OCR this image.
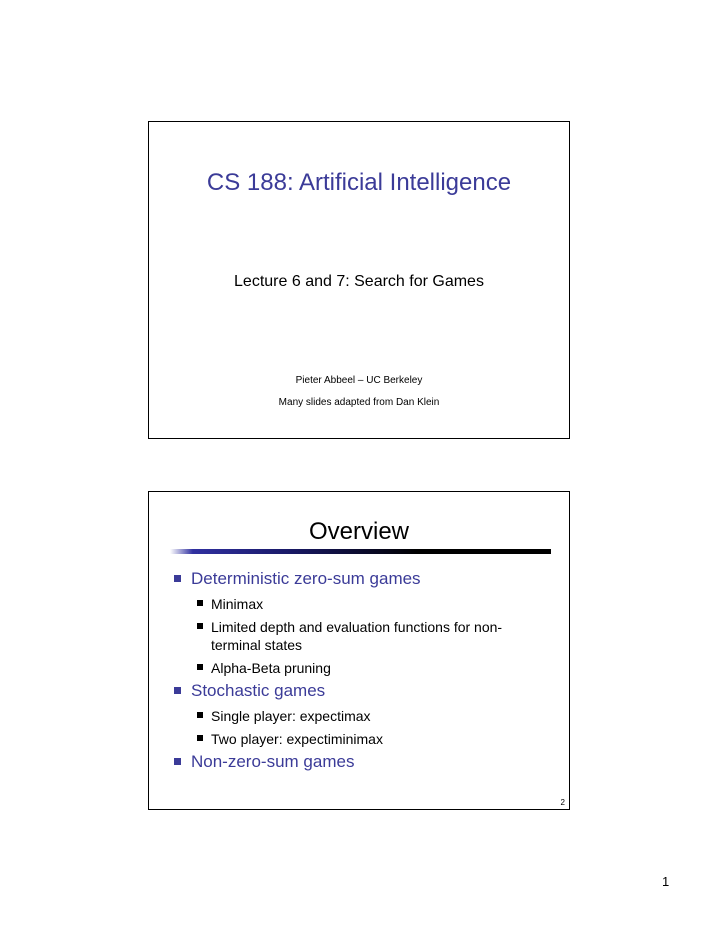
CS 188: Artificial Intelligence
Lecture 6 and 7: Search for Games
Pieter Abbeel – UC Berkeley
Many slides adapted from Dan Klein
Overview
Deterministic zero-sum games
Minimax
Limited depth and evaluation functions for non-terminal states
Alpha-Beta pruning
Stochastic games
Single player: expectimax
Two player: expectiminimax
Non-zero-sum games
2
1
